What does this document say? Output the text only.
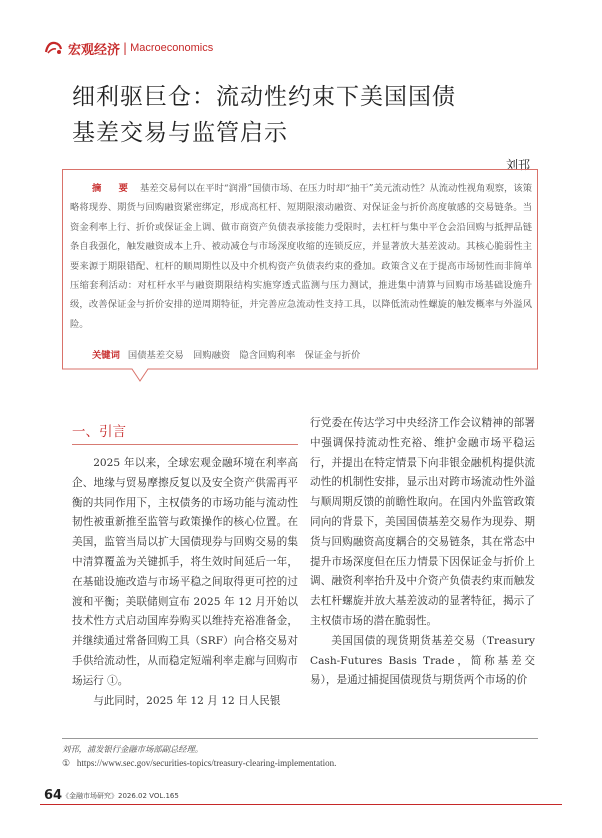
宏观经济 | Macroeconomics
细利驱巨仓：流动性约束下美国国债
基差交易与监管启示
刘邗
摘　要 基差交易何以在平时“润滑”国债市场、在压力时却“抽干”美元流动性？从流动性视角观察，该策略将现券、期货与回购融资紧密绑定，形成高杠杆、短期限滚动融资、对保证金与折价高度敏感的交易链条。当资金利率上行、折价或保证金上调、做市商资产负债表承接能力受限时，去杠杆与集中平仓会沿回购与抵押品链条自我强化，触发融资成本上升、被动减仓与市场深度收缩的连锁反应，并显著放大基差波动。其核心脆弱性主要来源于期限错配、杠杆的顺周期性以及中介机构资产负债表约束的叠加。政策含义在于提高市场韧性而非简单压缩套利活动：对杠杆水平与融资期限结构实施穿透式监测与压力测试，推进集中清算与回购市场基础设施升级，改善保证金与折价安排的逆周期特征，并完善应急流动性支持工具，以降低流动性螺旋的触发概率与外溢风险。
关键词 国债基差交易　回购融资　隐含回购利率　保证金与折价
一、引言

2025 年以来，全球宏观金融环境在利率高企、地缘与贸易摩擦反复以及安全资产供需再平衡的共同作用下，主权债务的市场功能与流动性韧性被重新推至监管与政策操作的核心位置。在美国，监管当局以扩大国债现券与回购交易的集中清算覆盖为关键抓手，将生效时间延后一年，在基础设施改造与市场平稳之间取得更可控的过渡和平衡；美联储则宣布 2025 年 12 月开始以技术性方式启动国库券购买以维持充裕准备金，并继续通过常备回购工具（SRF）向合格交易对手供给流动性，从而稳定短端利率走廊与回购市场运行 ①。

与此同时，2025 年 12 月 12 日人民银

行党委在传达学习中央经济工作会议精神的部署中强调保持流动性充裕、维护金融市场平稳运行，并提出在特定情景下向非银金融机构提供流动性的机制性安排，显示出对跨市场流动性外溢与顺周期反馈的前瞻性取向。在国内外监管政策同向的背景下，美国国债基差交易作为现券、期货与回购融资高度耦合的交易链条，其在常态中提升市场深度但在压力情景下因保证金与折价上调、融资利率抬升及中介资产负债表约束而触发去杠杆螺旋并放大基差波动的显著特征，揭示了主权债市场的潜在脆弱性。

美国国债的现货期货基差交易（Treasury Cash-Futures Basis Trade，简称基差交易），是通过捕捉国债现货与期货两个市场的价

刘邗，浦发银行金融市场部副总经理。
① https://www.sec.gov/securities-topics/treasury-clearing-implementation.
64 《金融市场研究》2026.02 VOL.165
